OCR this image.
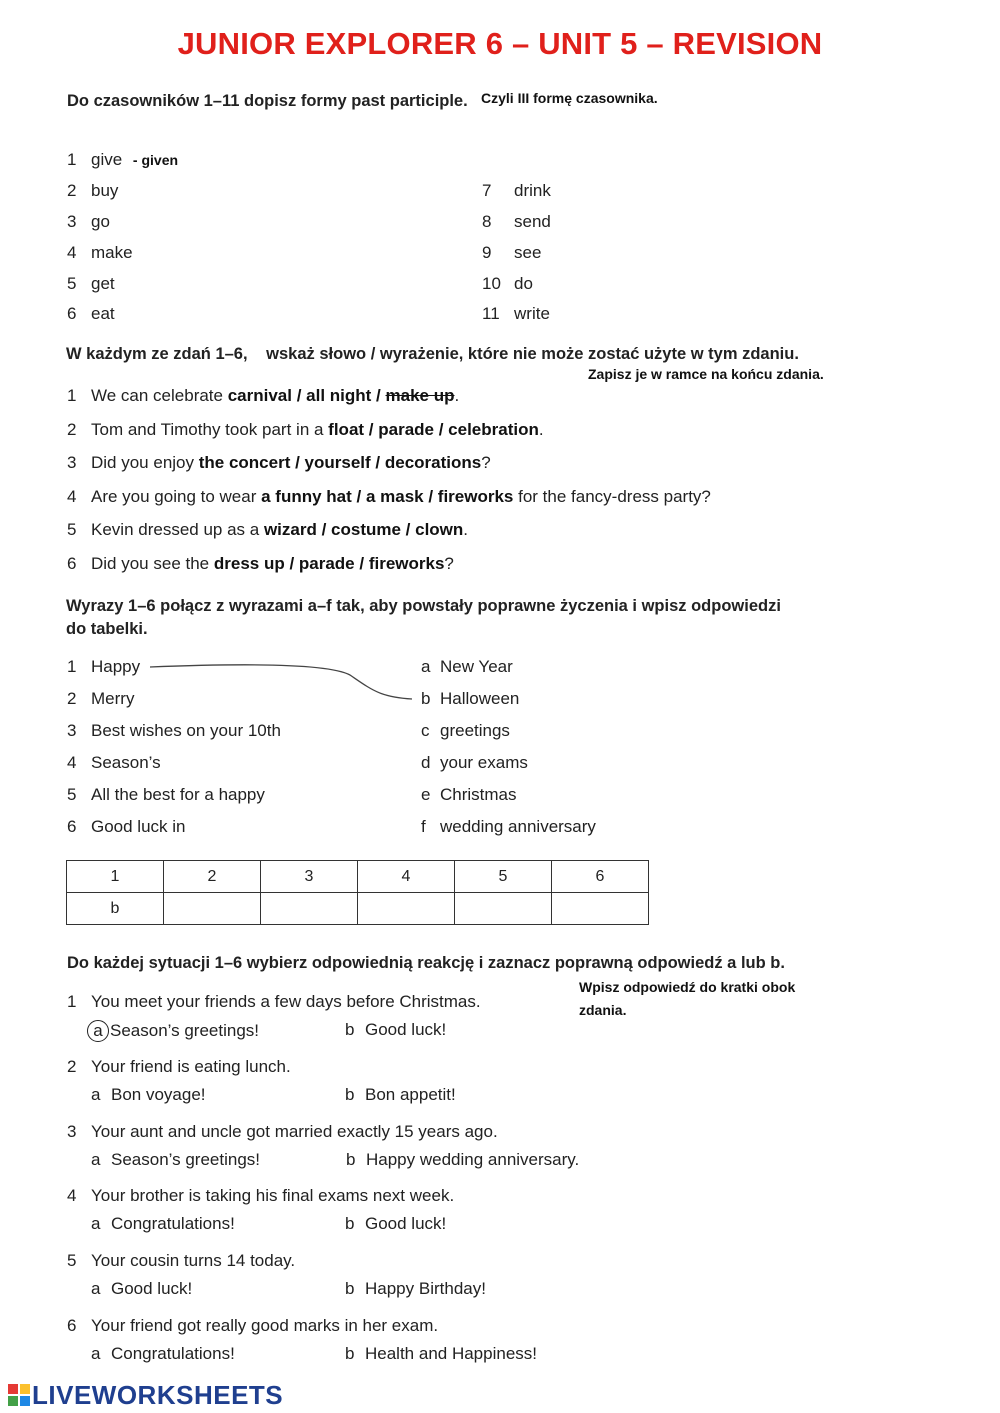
JUNIOR EXPLORER 6 – UNIT 5 – REVISION
Do czasowników 1–11 dopisz formy past participle. Czyli III formę czasownika.
1 give - given
2 buy
3 go
4 make
5 get
6 eat
7 drink
8 send
9 see
10 do
11 write
W każdym ze zdań 1–6, wskaż słowo / wyrażenie, które nie może zostać użyte w tym zdaniu.
Zapisz je w ramce na końcu zdania.
1 We can celebrate carnival / all night / make up.
2 Tom and Timothy took part in a float / parade / celebration.
3 Did you enjoy the concert / yourself / decorations?
4 Are you going to wear a funny hat / a mask / fireworks for the fancy-dress party?
5 Kevin dressed up as a wizard / costume / clown.
6 Did you see the dress up / parade / fireworks?
Wyrazy 1–6 połącz z wyrazami a–f tak, aby powstały poprawne życzenia i wpisz odpowiedzi
do tabelki.
1 Happy
2 Merry
3 Best wishes on your 10th
4 Season’s
5 All the best for a happy
6 Good luck in
a New Year
b Halloween
c greetings
d your exams
e Christmas
f wedding anniversary
1	2	3	4	5	6
b					
Do każdej sytuacji 1–6 wybierz odpowiednią reakcję i zaznacz poprawną odpowiedź a lub b.
Wpisz odpowiedź do kratki obok
zdania.
1 You meet your friends a few days before Christmas.
a Season’s greetings!	b Good luck!
2 Your friend is eating lunch.
a Bon voyage!	b Bon appetit!
3 Your aunt and uncle got married exactly 15 years ago.
a Season’s greetings!	b Happy wedding anniversary.
4 Your brother is taking his final exams next week.
a Congratulations!	b Good luck!
5 Your cousin turns 14 today.
a Good luck!	b Happy Birthday!
6 Your friend got really good marks in her exam.
a Congratulations!	b Health and Happiness!
LIVEWORKSHEETS
